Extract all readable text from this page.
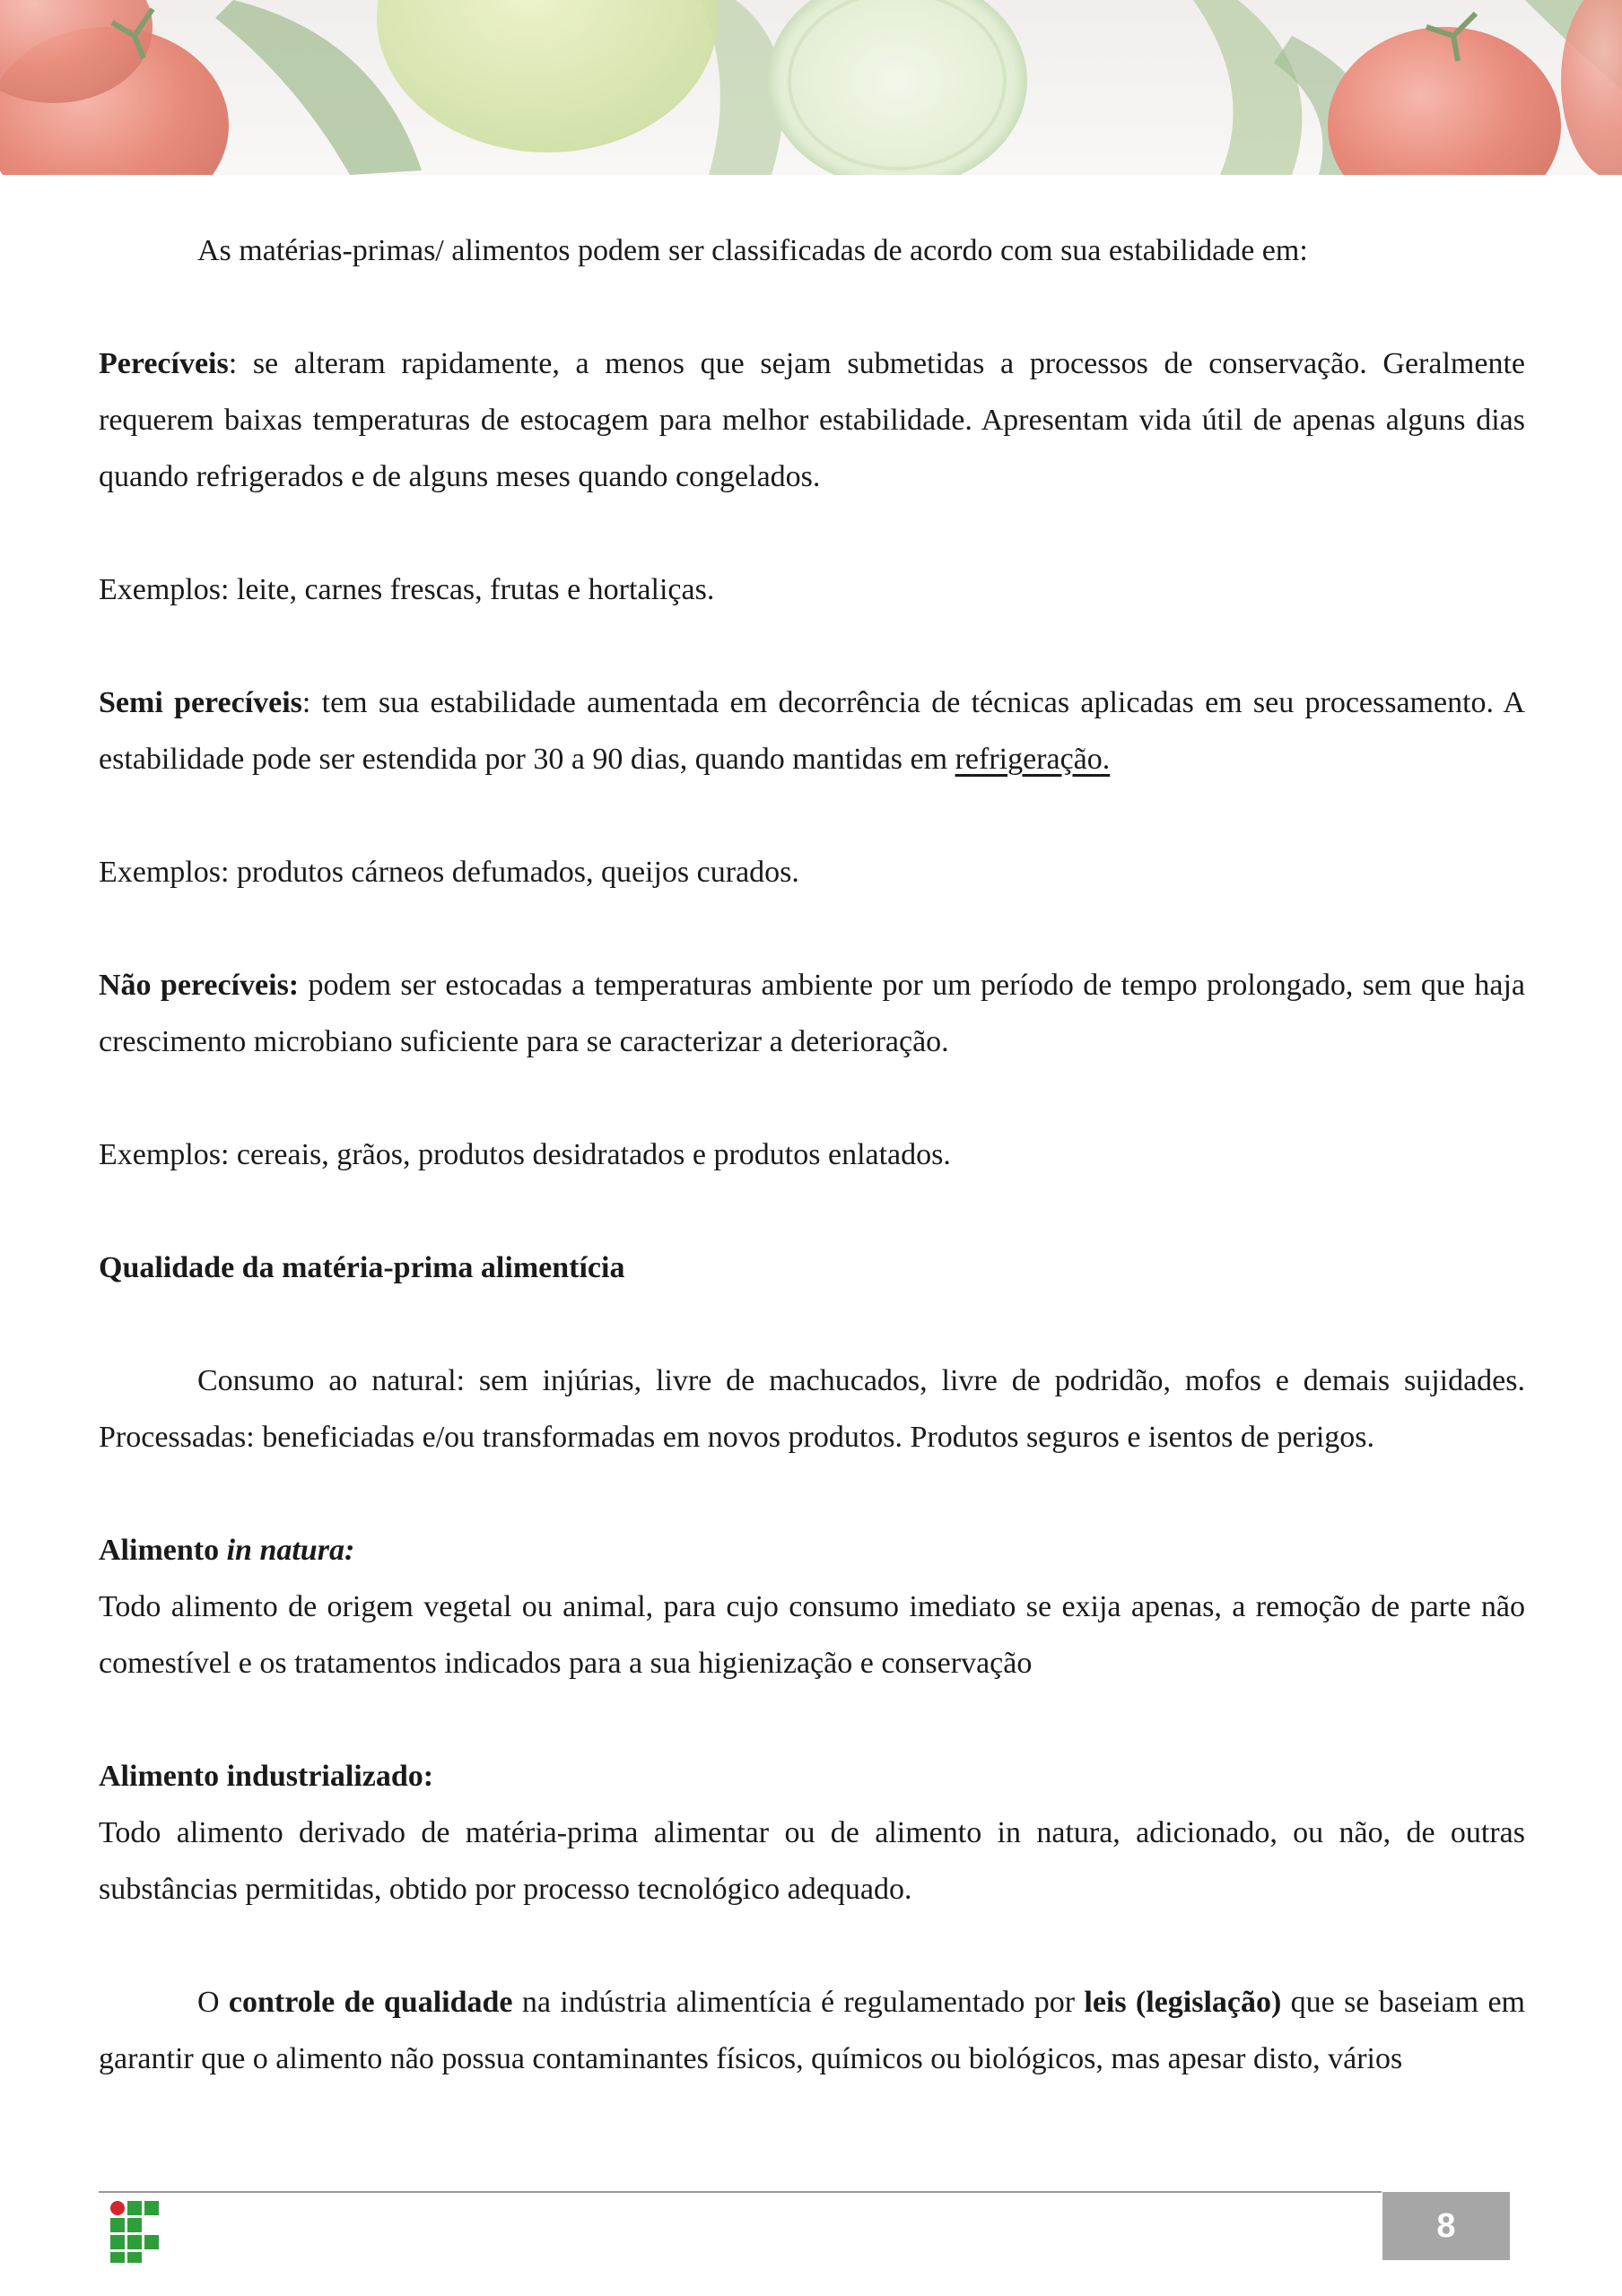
As matérias-primas/ alimentos podem ser classificadas de acordo com sua estabilidade em:

Perecíveis: se alteram rapidamente, a menos que sejam submetidas a processos de conservação. Geralmente requerem baixas temperaturas de estocagem para melhor estabilidade. Apresentam vida útil de apenas alguns dias quando refrigerados e de alguns meses quando congelados.

Exemplos: leite, carnes frescas, frutas e hortaliças.

Semi perecíveis: tem sua estabilidade aumentada em decorrência de técnicas aplicadas em seu processamento. A estabilidade pode ser estendida por 30 a 90 dias, quando mantidas em refrigeração.

Exemplos: produtos cárneos defumados, queijos curados.

Não perecíveis: podem ser estocadas a temperaturas ambiente por um período de tempo prolongado, sem que haja crescimento microbiano suficiente para se caracterizar a deterioração.

Exemplos: cereais, grãos, produtos desidratados e produtos enlatados.

Qualidade da matéria-prima alimentícia

Consumo ao natural: sem injúrias, livre de machucados, livre de podridão, mofos e demais sujidades. Processadas: beneficiadas e/ou transformadas em novos produtos. Produtos seguros e isentos de perigos.

Alimento in natura:

Todo alimento de origem vegetal ou animal, para cujo consumo imediato se exija apenas, a remoção de parte não comestível e os tratamentos indicados para a sua higienização e conservação

Alimento industrializado:

Todo alimento derivado de matéria-prima alimentar ou de alimento in natura, adicionado, ou não, de outras substâncias permitidas, obtido por processo tecnológico adequado.

O controle de qualidade na indústria alimentícia é regulamentado por leis (legislação) que se baseiam em garantir que o alimento não possua contaminantes físicos, químicos ou biológicos, mas apesar disto, vários

8
